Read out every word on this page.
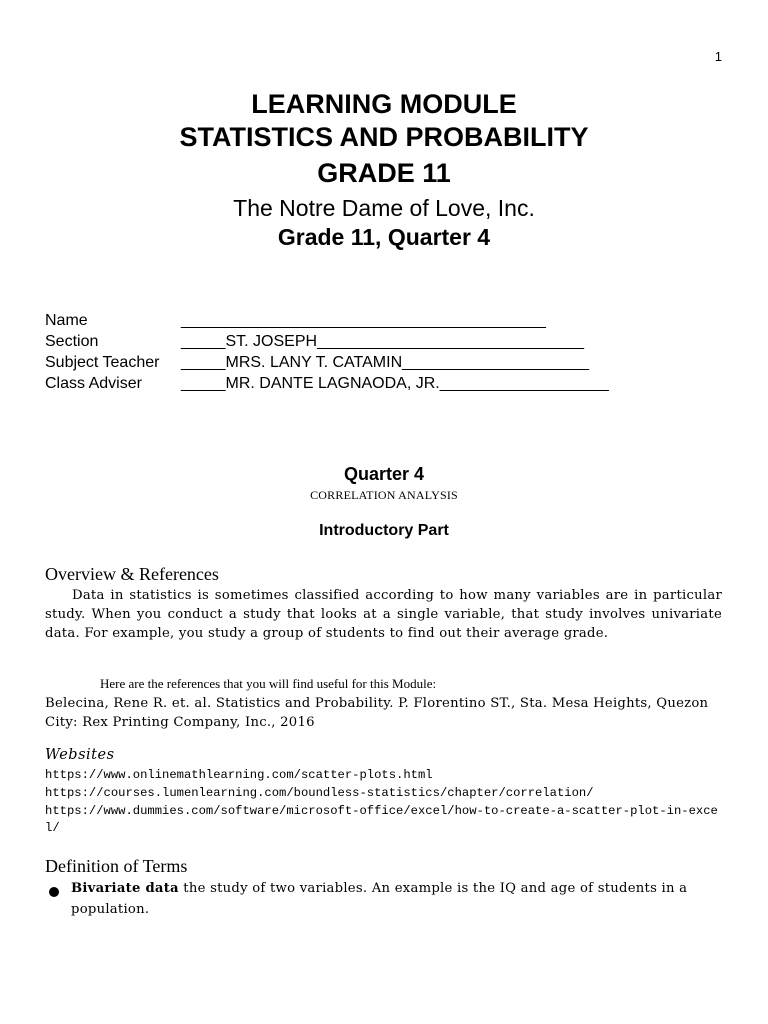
1
LEARNING MODULE
STATISTICS AND PROBABILITY
GRADE 11
The Notre Dame of Love, Inc.
Grade 11, Quarter 4
Name	_________________________________________
Section	_____ST. JOSEPH______________________________
Subject Teacher _____MRS. LANY T. CATAMIN_____________________
Class Adviser _____MR. DANTE LAGNAODA, JR.___________________
Quarter 4
CORRELATION ANALYSIS
Introductory Part
Overview & References
Data in statistics is sometimes classified according to how many variables are in particular study. When you conduct a study that looks at a single variable, that study involves univariate data. For example, you study a group of students to find out their average grade.
Here are the references that you will find useful for this Module:
Belecina, Rene R. et. al. Statistics and Probability. P. Florentino ST., Sta. Mesa Heights, Quezon City: Rex Printing Company, Inc., 2016
Websites
https://www.onlinemathlearning.com/scatter-plots.html
https://courses.lumenlearning.com/boundless-statistics/chapter/correlation/
https://www.dummies.com/software/microsoft-office/excel/how-to-create-a-scatter-plot-in-excel/
Definition of Terms
Bivariate data the study of two variables. An example is the IQ and age of students in a population.
